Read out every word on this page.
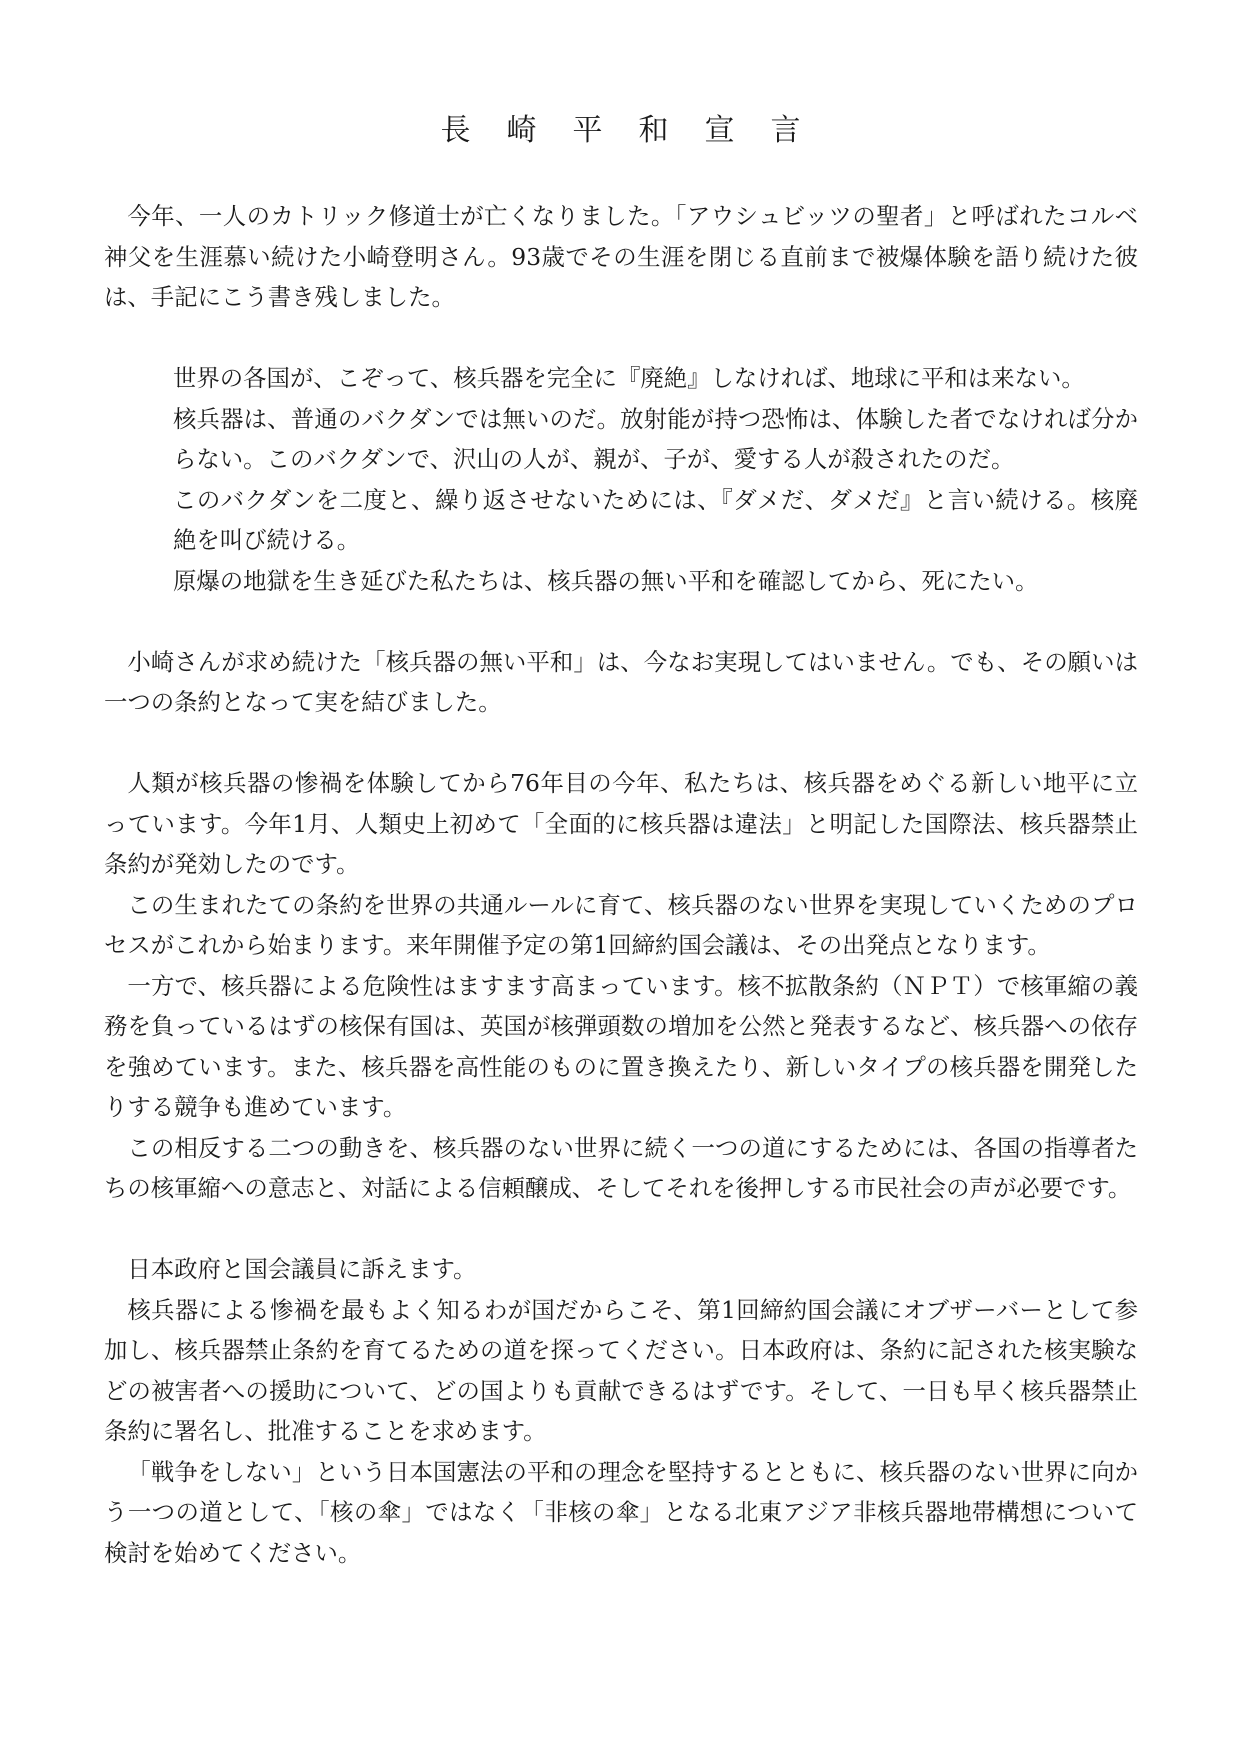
長崎平和宣言

今年、一人のカトリック修道士が亡くなりました。「アウシュビッツの聖者」と呼ばれたコルベ神父を生涯慕い続けた小崎登明さん。93歳でその生涯を閉じる直前まで被爆体験を語り続けた彼は、手記にこう書き残しました。

世界の各国が、こぞって、核兵器を完全に『廃絶』しなければ、地球に平和は来ない。

核兵器は、普通のバクダンでは無いのだ。放射能が持つ恐怖は、体験した者でなければ分からない。このバクダンで、沢山の人が、親が、子が、愛する人が殺されたのだ。

このバクダンを二度と、繰り返させないためには、『ダメだ、ダメだ』と言い続ける。核廃絶を叫び続ける。

原爆の地獄を生き延びた私たちは、核兵器の無い平和を確認してから、死にたい。

小崎さんが求め続けた「核兵器の無い平和」は、今なお実現してはいません。でも、その願いは一つの条約となって実を結びました。

人類が核兵器の惨禍を体験してから76年目の今年、私たちは、核兵器をめぐる新しい地平に立っています。今年1月、人類史上初めて「全面的に核兵器は違法」と明記した国際法、核兵器禁止条約が発効したのです。

この生まれたての条約を世界の共通ルールに育て、核兵器のない世界を実現していくためのプロセスがこれから始まります。来年開催予定の第1回締約国会議は、その出発点となります。

一方で、核兵器による危険性はますます高まっています。核不拡散条約（ＮＰＴ）で核軍縮の義務を負っているはずの核保有国は、英国が核弾頭数の増加を公然と発表するなど、核兵器への依存を強めています。また、核兵器を高性能のものに置き換えたり、新しいタイプの核兵器を開発したりする競争も進めています。

この相反する二つの動きを、核兵器のない世界に続く一つの道にするためには、各国の指導者たちの核軍縮への意志と、対話による信頼醸成、そしてそれを後押しする市民社会の声が必要です。

日本政府と国会議員に訴えます。

核兵器による惨禍を最もよく知るわが国だからこそ、第1回締約国会議にオブザーバーとして参加し、核兵器禁止条約を育てるための道を探ってください。日本政府は、条約に記された核実験などの被害者への援助について、どの国よりも貢献できるはずです。そして、一日も早く核兵器禁止条約に署名し、批准することを求めます。

「戦争をしない」という日本国憲法の平和の理念を堅持するとともに、核兵器のない世界に向かう一つの道として、「核の傘」ではなく「非核の傘」となる北東アジア非核兵器地帯構想について検討を始めてください。
